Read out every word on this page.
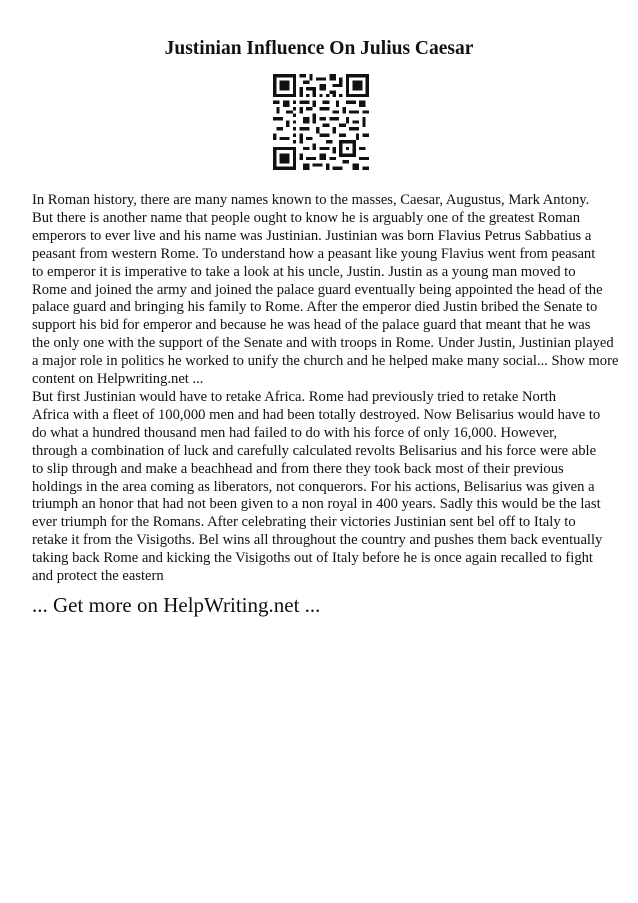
Justinian Influence On Julius Caesar
In Roman history, there are many names known to the masses, Caesar, Augustus, Mark Antony.
But there is another name that people ought to know he is arguably one of the greatest Roman
emperors to ever live and his name was Justinian. Justinian was born Flavius Petrus Sabbatius a
peasant from western Rome. To understand how a peasant like young Flavius went from peasant
to emperor it is imperative to take a look at his uncle, Justin. Justin as a young man moved to
Rome and joined the army and joined the palace guard eventually being appointed the head of the
palace guard and bringing his family to Rome. After the emperor died Justin bribed the Senate to
support his bid for emperor and because he was head of the palace guard that meant that he was
the only one with the support of the Senate and with troops in Rome. Under Justin, Justinian played
a major role in politics he worked to unify the church and he helped make many social... Show more
content on Helpwriting.net ...
But first Justinian would have to retake Africa. Rome had previously tried to retake North
Africa with a fleet of 100,000 men and had been totally destroyed. Now Belisarius would have to
do what a hundred thousand men had failed to do with his force of only 16,000. However,
through a combination of luck and carefully calculated revolts Belisarius and his force were able
to slip through and make a beachhead and from there they took back most of their previous
holdings in the area coming as liberators, not conquerors. For his actions, Belisarius was given a
triumph an honor that had not been given to a non royal in 400 years. Sadly this would be the last
ever triumph for the Romans. After celebrating their victories Justinian sent bel off to Italy to
retake it from the Visigoths. Bel wins all throughout the country and pushes them back eventually
taking back Rome and kicking the Visigoths out of Italy before he is once again recalled to fight
and protect the eastern
... Get more on HelpWriting.net ...
